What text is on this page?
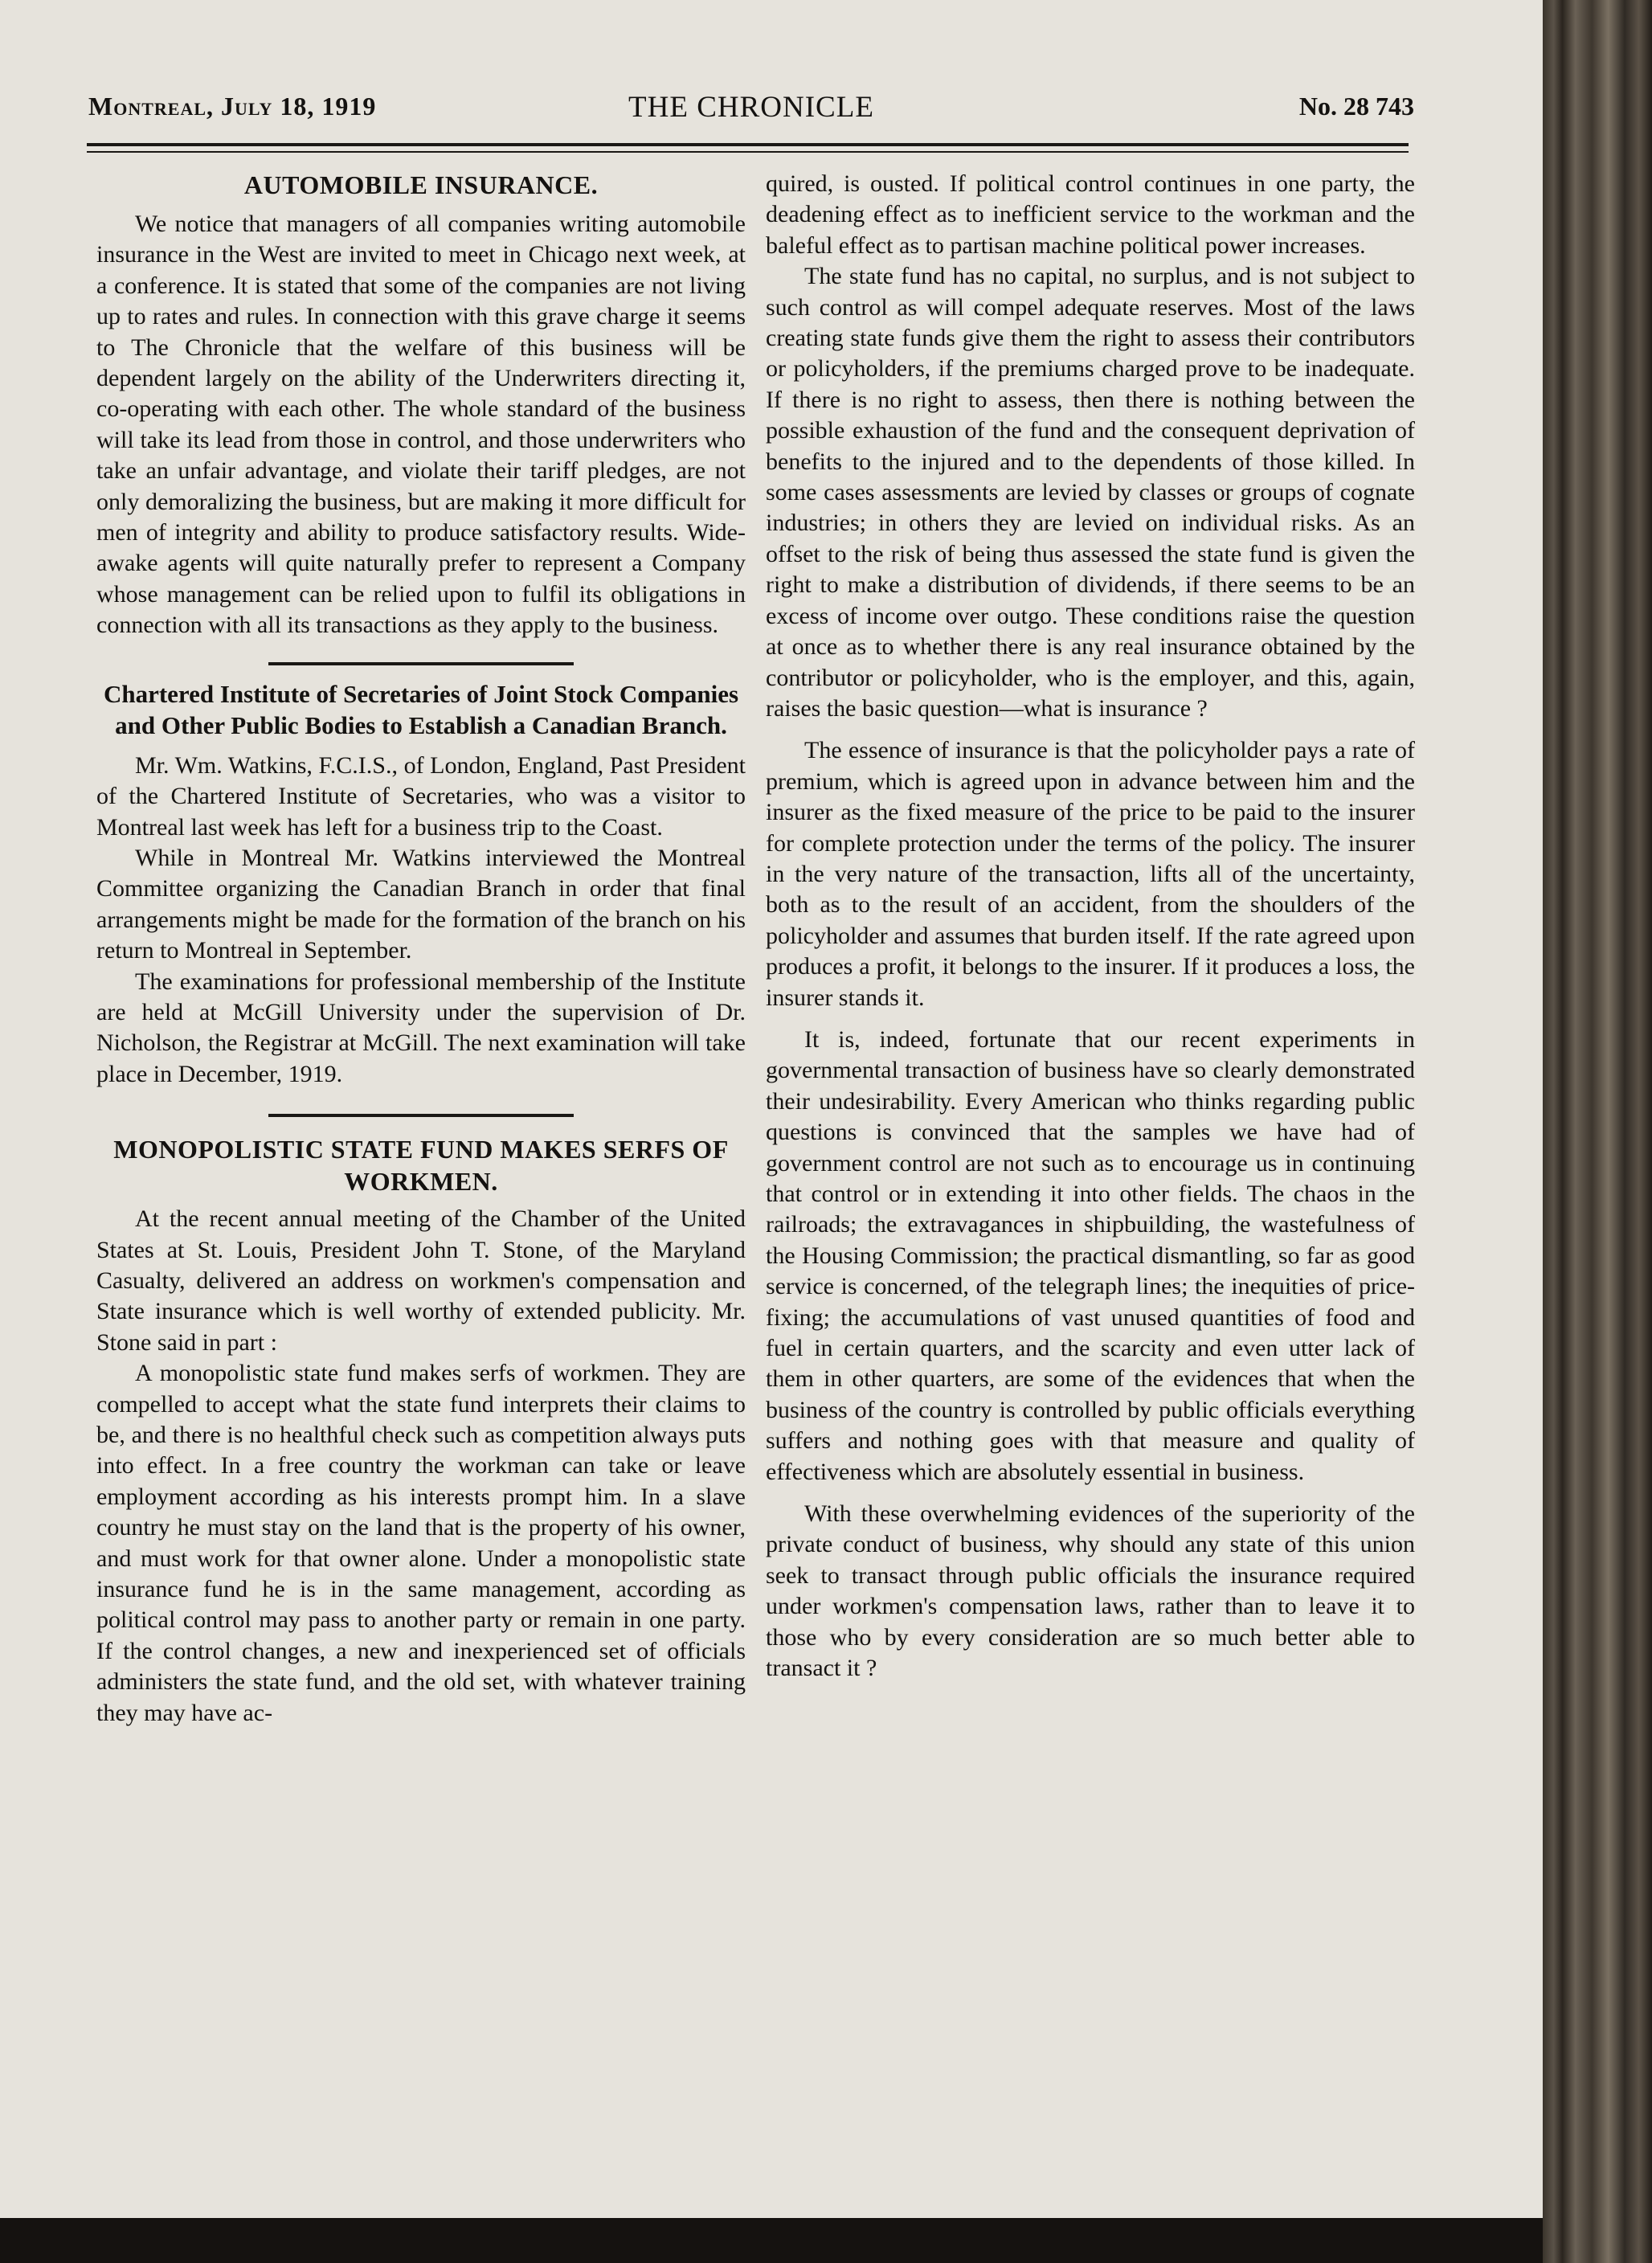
Montreal, July 18, 1919	THE CHRONICLE	No. 28 743
AUTOMOBILE INSURANCE.

We notice that managers of all companies writing automobile insurance in the West are invited to meet in Chicago next week, at a conference. It is stated that some of the companies are not living up to rates and rules. In connection with this grave charge it seems to The Chronicle that the welfare of this business will be dependent largely on the ability of the Underwriters directing it, co-operating with each other. The whole standard of the business will take its lead from those in control, and those underwriters who take an unfair advantage, and violate their tariff pledges, are not only demoralizing the business, but are making it more difficult for men of integrity and ability to produce satisfactory results. Wide-awake agents will quite naturally prefer to represent a Company whose management can be relied upon to fulfil its obligations in connection with all its transactions as they apply to the business.

Chartered Institute of Secretaries of Joint Stock Companies and Other Public Bodies to Establish a Canadian Branch.

Mr. Wm. Watkins, F.C.I.S., of London, England, Past President of the Chartered Institute of Secretaries, who was a visitor to Montreal last week has left for a business trip to the Coast.

While in Montreal Mr. Watkins interviewed the Montreal Committee organizing the Canadian Branch in order that final arrangements might be made for the formation of the branch on his return to Montreal in September.

The examinations for professional membership of the Institute are held at McGill University under the supervision of Dr. Nicholson, the Registrar at McGill. The next examination will take place in December, 1919.

MONOPOLISTIC STATE FUND MAKES SERFS OF WORKMEN.

At the recent annual meeting of the Chamber of the United States at St. Louis, President John T. Stone, of the Maryland Casualty, delivered an address on workmen's compensation and State insurance which is well worthy of extended publicity. Mr. Stone said in part :

A monopolistic state fund makes serfs of workmen. They are compelled to accept what the state fund interprets their claims to be, and there is no healthful check such as competition always puts into effect. In a free country the workman can take or leave employment according as his interests prompt him. In a slave country he must stay on the land that is the property of his owner, and must work for that owner alone. Under a monopolistic state insurance fund he is in the same management, according as political control may pass to another party or remain in one party. If the control changes, a new and inexperienced set of officials administers the state fund, and the old set, with whatever training they may have ac-

quired, is ousted. If political control continues in one party, the deadening effect as to inefficient service to the workman and the baleful effect as to partisan machine political power increases.

The state fund has no capital, no surplus, and is not subject to such control as will compel adequate reserves. Most of the laws creating state funds give them the right to assess their contributors or policyholders, if the premiums charged prove to be inadequate. If there is no right to assess, then there is nothing between the possible exhaustion of the fund and the consequent deprivation of benefits to the injured and to the dependents of those killed. In some cases assessments are levied by classes or groups of cognate industries; in others they are levied on individual risks. As an offset to the risk of being thus assessed the state fund is given the right to make a distribution of dividends, if there seems to be an excess of income over outgo. These conditions raise the question at once as to whether there is any real insurance obtained by the contributor or policyholder, who is the employer, and this, again, raises the basic question—what is insurance ?

The essence of insurance is that the policyholder pays a rate of premium, which is agreed upon in advance between him and the insurer as the fixed measure of the price to be paid to the insurer for complete protection under the terms of the policy. The insurer in the very nature of the transaction, lifts all of the uncertainty, both as to the result of an accident, from the shoulders of the policyholder and assumes that burden itself. If the rate agreed upon produces a profit, it belongs to the insurer. If it produces a loss, the insurer stands it.

It is, indeed, fortunate that our recent experiments in governmental transaction of business have so clearly demonstrated their undesirability. Every American who thinks regarding public questions is convinced that the samples we have had of government control are not such as to encourage us in continuing that control or in extending it into other fields. The chaos in the railroads; the extravagances in shipbuilding, the wastefulness of the Housing Commission; the practical dismantling, so far as good service is concerned, of the telegraph lines; the inequities of price-fixing; the accumulations of vast unused quantities of food and fuel in certain quarters, and the scarcity and even utter lack of them in other quarters, are some of the evidences that when the business of the country is controlled by public officials everything suffers and nothing goes with that measure and quality of effectiveness which are absolutely essential in business.

With these overwhelming evidences of the superiority of the private conduct of business, why should any state of this union seek to transact through public officials the insurance required under workmen's compensation laws, rather than to leave it to those who by every consideration are so much better able to transact it ?
